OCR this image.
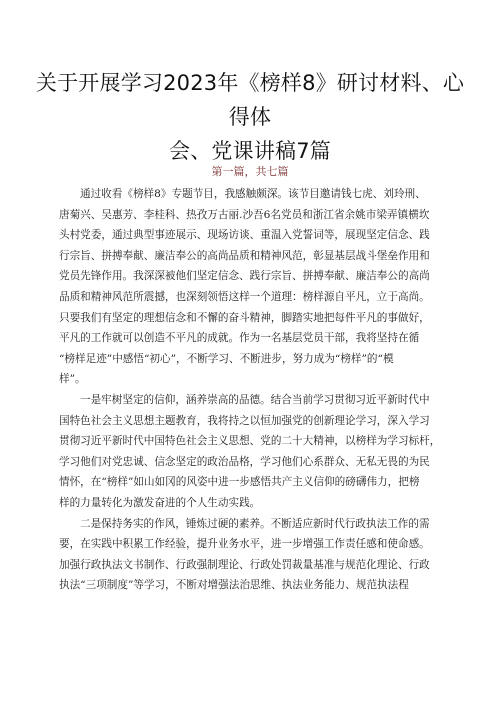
关于开展学习2023年《榜样8》研讨材料、心得体
会、党课讲稿7篇
第一篇，共七篇
通过收看《榜样8》专题节目，我感触颇深。该节目邀请钱七虎、刘玲刑、
唐菊兴、吴惠芳、李桂科、热孜万古丽.沙吾6名党员和浙江省余姚市梁弄镇横坎
头村党委，通过典型事迹展示、现场访谈、重温入党誓词等，展现坚定信念、践
行宗旨、拼搏奉献、廉洁奉公的高尚品质和精神风范，彰显基层战斗堡垒作用和
党员先锋作用。我深深被他们坚定信念、践行宗旨、拼搏奉献、廉洁奉公的高尚
品质和精神风范所震撼，也深刻领悟这样一个道理：榜样源自平凡，立于高尚。
只要我们有坚定的理想信念和不懈的奋斗精神，脚踏实地把每件平凡的事做好，
平凡的工作就可以创造不平凡的成就。作为一名基层党员干部，我将坚持在循
“榜样足迹”中感悟“初心”，不断学习、不断进步，努力成为“榜样”的“模
样”。
一是牢树坚定的信仰，涵养崇高的品德。结合当前学习贯彻习近平新时代中
国特色社会主义思想主题教育，我将持之以恒加强党的创新理论学习，深入学习
贯彻习近平新时代中国特色社会主义思想、党的二十大精神，以榜样为学习标杆，
学习他们对党忠诚、信念坚定的政治品格，学习他们心系群众、无私无畏的为民
情怀，在“榜样”如山如冈的风姿中进一步感悟共产主义信仰的磅礴伟力，把榜
样的力量转化为激发奋进的个人生动实践。
二是保持务实的作风，锤炼过硬的素养。不断适应新时代行政执法工作的需
要，在实践中积累工作经验，提升业务水平，进一步增强工作责任感和使命感。
加强行政执法文书制作、行政强制理论、行政处罚裁量基准与规范化理论、行政
执法“三项制度”等学习，不断对增强法治思维、执法业务能力、规范执法程
